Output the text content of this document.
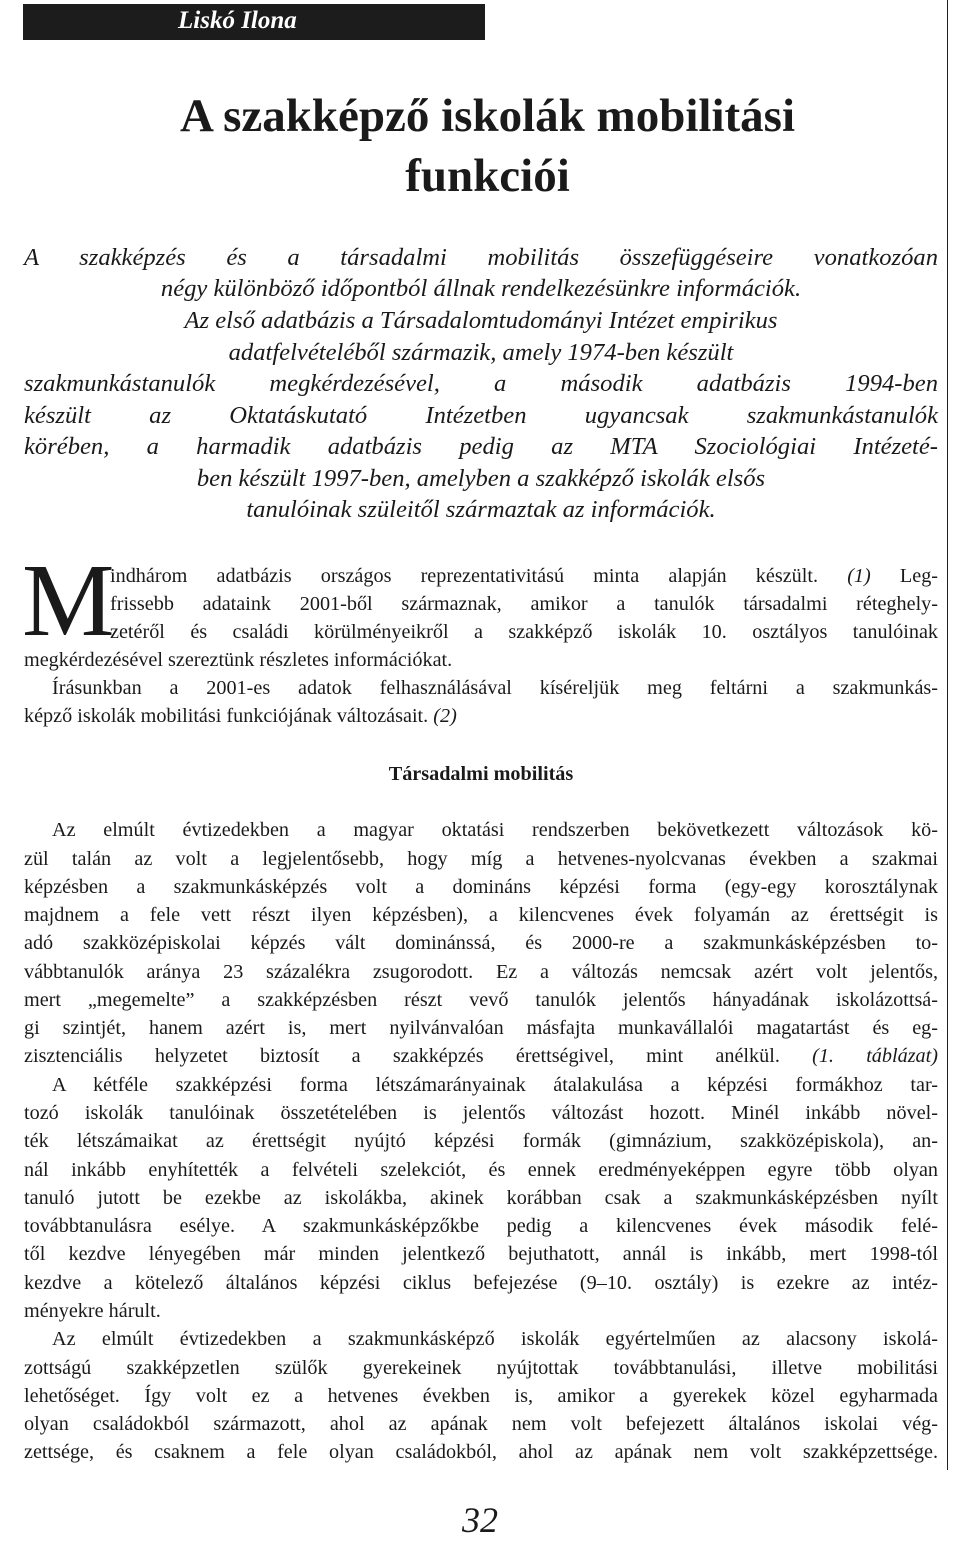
Liskó Ilona
A szakképző iskolák mobilitási
funkciói
A szakképzés és a társadalmi mobilitás összefüggéseire vonatkozóan
négy különböző időpontból állnak rendelkezésünkre információk.
Az első adatbázis a Társadalomtudományi Intézet empirikus
adatfelvételéből származik, amely 1974-ben készült
szakmunkástanulók megkérdezésével, a második adatbázis 1994-ben
készült az Oktatáskutató Intézetben ugyancsak szakmunkástanulók
körében, a harmadik adatbázis pedig az MTA Szociológiai Intézeté-
ben készült 1997-ben, amelyben a szakképző iskolák elsős
tanulóinak szüleitől származtak az információk.
M
indhárom adatbázis országos reprezentativitású minta alapján készült. (1) Leg-
frissebb adataink 2001-ből származnak, amikor a tanulók társadalmi réteghely-
zetéről és családi körülményeikről a szakképző iskolák 10. osztályos tanulóinak
megkérdezésével szereztünk részletes információkat.
Írásunkban a 2001-es adatok felhasználásával kíséreljük meg feltárni a szakmunkás-
képző iskolák mobilitási funkciójának változásait. (2)
Társadalmi mobilitás
Az elmúlt évtizedekben a magyar oktatási rendszerben bekövetkezett változások kö-
zül talán az volt a legjelentősebb, hogy míg a hetvenes-nyolcvanas években a szakmai
képzésben a szakmunkásképzés volt a domináns képzési forma (egy-egy korosztálynak
majdnem a fele vett részt ilyen képzésben), a kilencvenes évek folyamán az érettségit is
adó szakközépiskolai képzés vált dominánssá, és 2000-re a szakmunkásképzésben to-
vábbtanulók aránya 23 százalékra zsugorodott. Ez a változás nemcsak azért volt jelentős,
mert „megemelte” a szakképzésben részt vevő tanulók jelentős hányadának iskolázottsá-
gi szintjét, hanem azért is, mert nyilvánvalóan másfajta munkavállalói magatartást és eg-
zisztenciális helyzetet biztosít a szakképzés érettségivel, mint anélkül. (1. táblázat)
A kétféle szakképzési forma létszámarányainak átalakulása a képzési formákhoz tar-
tozó iskolák tanulóinak összetételében is jelentős változást hozott. Minél inkább növel-
ték létszámaikat az érettségit nyújtó képzési formák (gimnázium, szakközépiskola), an-
nál inkább enyhítették a felvételi szelekciót, és ennek eredményeképpen egyre több olyan
tanuló jutott be ezekbe az iskolákba, akinek korábban csak a szakmunkásképzésben nyílt
továbbtanulásra esélye. A szakmunkásképzőkbe pedig a kilencvenes évek második felé-
től kezdve lényegében már minden jelentkező bejuthatott, annál is inkább, mert 1998-tól
kezdve a kötelező általános képzési ciklus befejezése (9–10. osztály) is ezekre az intéz-
ményekre hárult.
Az elmúlt évtizedekben a szakmunkásképző iskolák egyértelműen az alacsony iskolá-
zottságú szakképzetlen szülők gyerekeinek nyújtottak továbbtanulási, illetve mobilitási
lehetőséget. Így volt ez a hetvenes években is, amikor a gyerekek közel egyharmada
olyan családokból származott, ahol az apának nem volt befejezett általános iskolai vég-
zettsége, és csaknem a fele olyan családokból, ahol az apának nem volt szakképzettsége.
32
